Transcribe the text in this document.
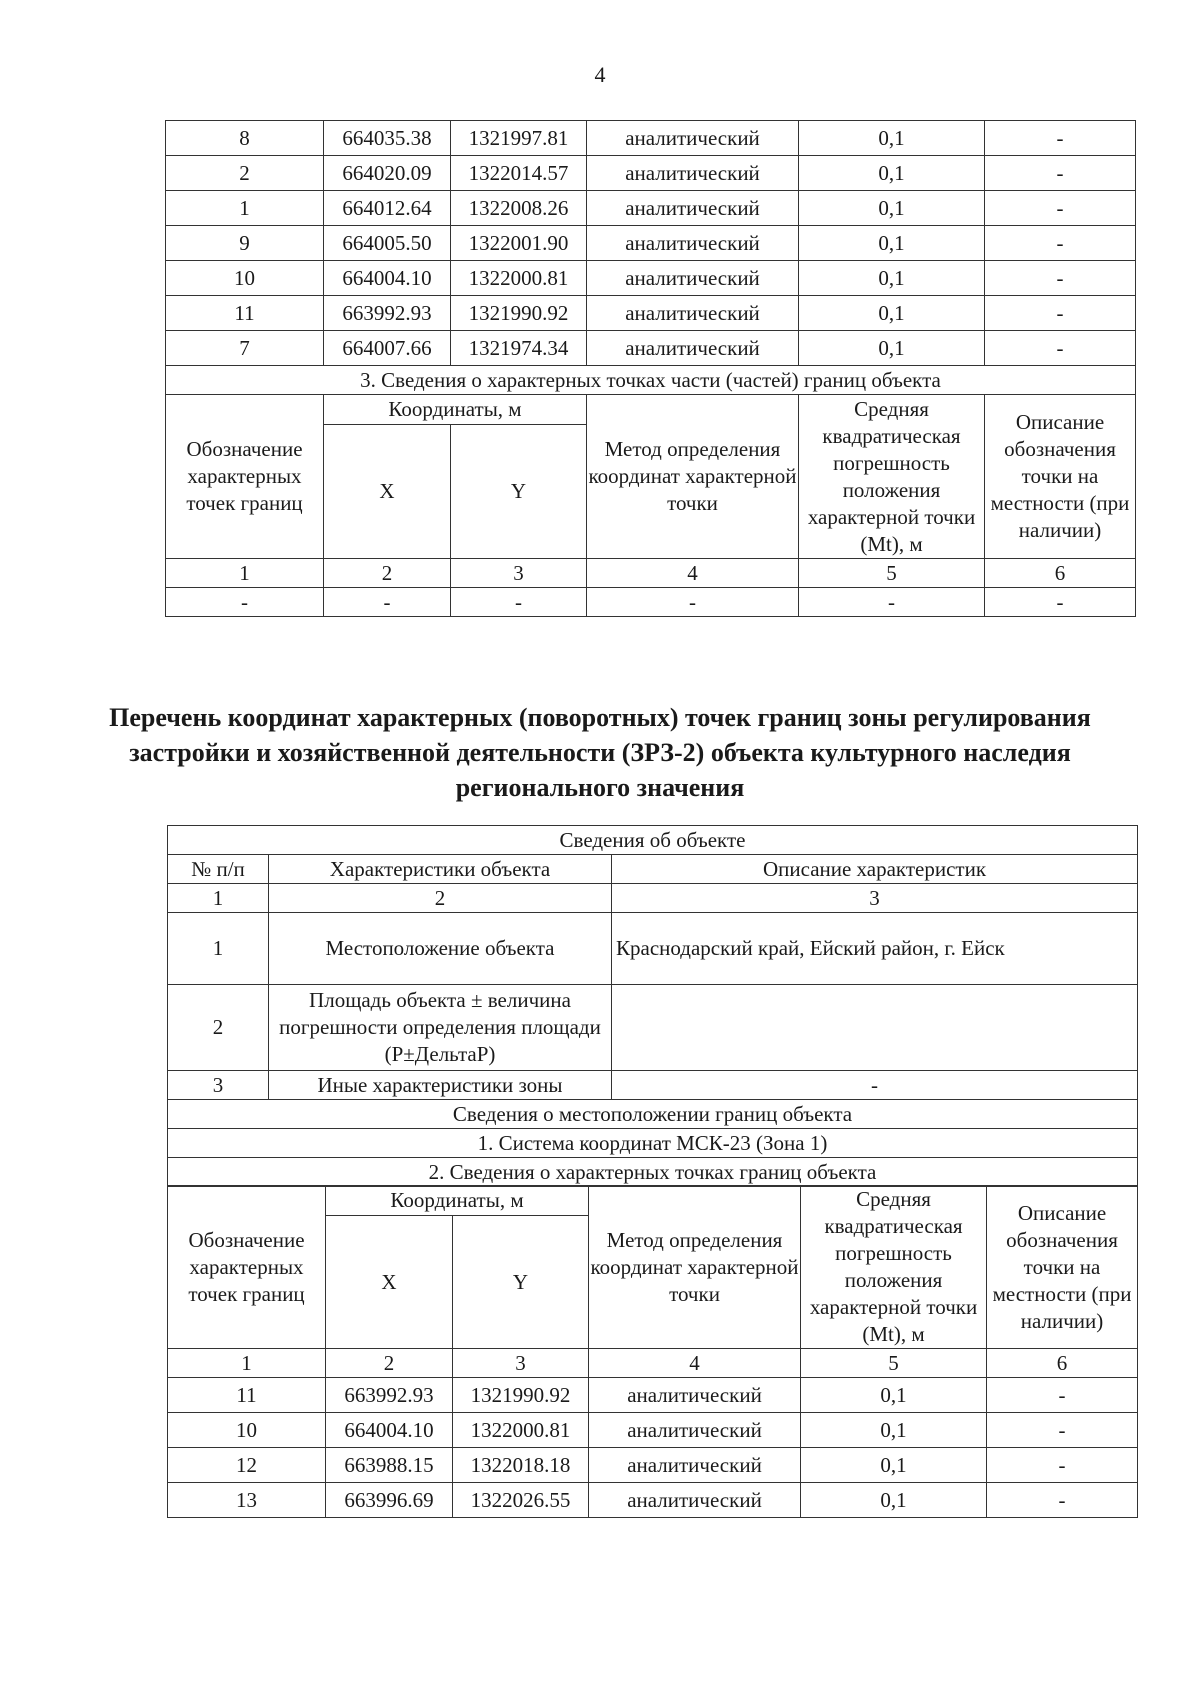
4
8	664035.38	1321997.81	аналитический	0,1	-
2	664020.09	1322014.57	аналитический	0,1	-
1	664012.64	1322008.26	аналитический	0,1	-
9	664005.50	1322001.90	аналитический	0,1	-
10	664004.10	1322000.81	аналитический	0,1	-
11	663992.93	1321990.92	аналитический	0,1	-
7	664007.66	1321974.34	аналитический	0,1	-
3. Сведения о характерных точках части (частей) границ объекта					
Обозначение характерных точек границ	Координаты, м		Метод определения координат характерной точки	Средняя квадратическая погрешность положения характерной точки (Mt), м	Описание обозначения точки на местности (при наличии)
	X	Y			
1	2	3	4	5	6
-	-	-	-	-	-
Перечень координат характерных (поворотных) точек границ зоны регулирования застройки и хозяйственной деятельности (ЗРЗ-2) объекта культурного наследия регионального значения
Сведения об объекте		
№ п/п	Характеристики объекта	Описание характеристик
1	2	3
1	Местоположение объекта	Краснодарский край, Ейский район, г. Ейск
2	Площадь объекта ± величина погрешности определения площади (Р±ДельтаР)	
3	Иные характеристики зоны	-
Сведения о местоположении границ объекта		
1. Система координат МСК-23 (Зона 1)		
2. Сведения о характерных точках границ объекта		
Обозначение характерных точек границ	Координаты, м		Метод определения координат характерной точки	Средняя квадратическая погрешность положения характерной точки (Mt), м	Описание обозначения точки на местности (при наличии)
	X	Y			
1	2	3	4	5	6
11	663992.93	1321990.92	аналитический	0,1	-
10	664004.10	1322000.81	аналитический	0,1	-
12	663988.15	1322018.18	аналитический	0,1	-
13	663996.69	1322026.55	аналитический	0,1	-
